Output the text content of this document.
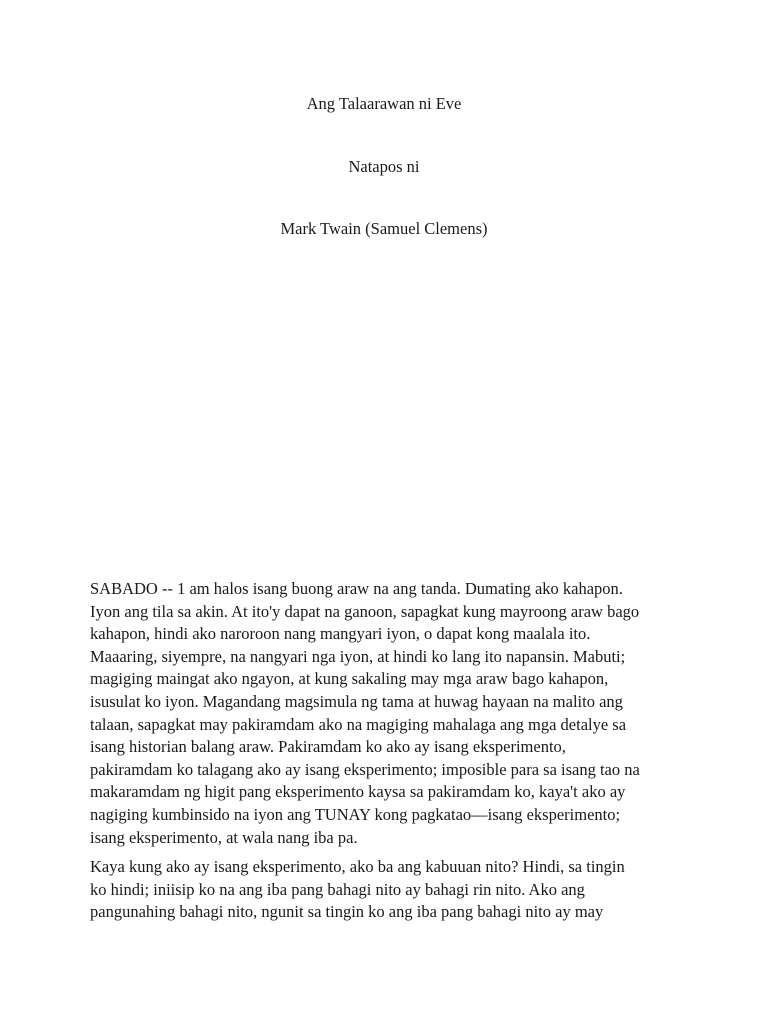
Ang Talaarawan ni Eve

Natapos ni

Mark Twain (Samuel Clemens)

SABADO -- 1 am halos isang buong araw na ang tanda. Dumating ako kahapon.
Iyon ang tila sa akin. At ito'y dapat na ganoon, sapagkat kung mayroong araw bago
kahapon, hindi ako naroroon nang mangyari iyon, o dapat kong maalala ito.
Maaaring, siyempre, na nangyari nga iyon, at hindi ko lang ito napansin. Mabuti;
magiging maingat ako ngayon, at kung sakaling may mga araw bago kahapon,
isusulat ko iyon. Magandang magsimula ng tama at huwag hayaan na malito ang
talaan, sapagkat may pakiramdam ako na magiging mahalaga ang mga detalye sa
isang historian balang araw. Pakiramdam ko ako ay isang eksperimento,
pakiramdam ko talagang ako ay isang eksperimento; imposible para sa isang tao na
makaramdam ng higit pang eksperimento kaysa sa pakiramdam ko, kaya't ako ay
nagiging kumbinsido na iyon ang TUNAY kong pagkatao—isang eksperimento;
isang eksperimento, at wala nang iba pa.

Kaya kung ako ay isang eksperimento, ako ba ang kabuuan nito? Hindi, sa tingin
ko hindi; iniisip ko na ang iba pang bahagi nito ay bahagi rin nito. Ako ang
pangunahing bahagi nito, ngunit sa tingin ko ang iba pang bahagi nito ay may
